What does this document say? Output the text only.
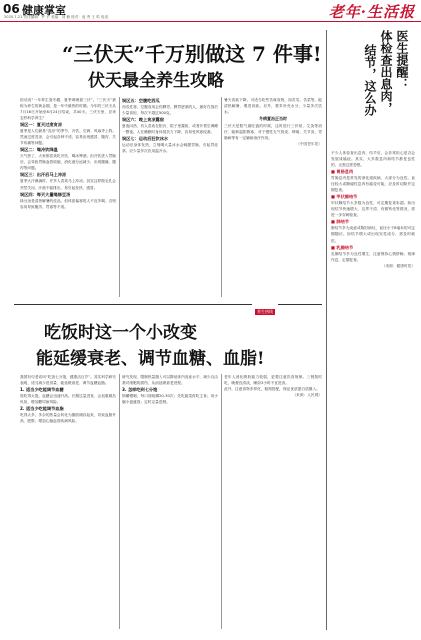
06 健康掌室
2020.7.21 责任编辑：罗 平 美编：刘 楠 校对：庞 秀 王 鸣 电话：	老年·生活报
“三伏天”千万别做这 7 件事!
伏天最全养生攻略
俗话说“一年养生靠冬藏，夏季调理靠三伏”。“三伏天”被称为养生的黄金期，是一年中最热的时期。今年的三伏天从7月16日开始至8月24日结束，共40天。三伏天里，应该怎样科学养生？
误区一：夏天过度贪凉
夏季是人们最易“贪凉”的季节，冷饮、空调、风扇齐上阵。然而过度贪凉，会引起各种不适，容易出现感冒、腹泻、关节疼痛等问题。
误区二：喝冷饮降温
天气热了，大家都喜欢吃冷饮、喝冰啤酒。但冷饮进入胃肠后，会导致胃肠血管收缩，消化液分泌减少，出现腹痛、腹泻等问题。
误区三：出汗后马上冲凉
夏季大汗淋漓时，许多人喜欢马上冲凉。其实这样做毛孔会突然关闭，汗液不能排出，易引起发热、感冒。
误区四：每天大量喝绿豆汤
绿豆汤是清热解暑的佳品，但体质偏寒的人不宜多喝，否则容易导致腹泻、胃寒等不适。
误区五：空腹吃西瓜
西瓜性寒，空腹食用会伤脾胃。脾胃虚寒的人，最好在饭后少量食用，每次不超过500克。
误区六：晚上贪凉露宿
夏夜闷热，有人喜欢在阳台、院子里露宿，或者开着空调睡一整夜。人在睡眠时身体抵抗力下降，容易受风寒侵袭。
误区七：运动后狂饮冰水
运动后身体发热，立刻喝大量冰水会刺激胃肠，引起胃痉挛。应少量多次饮用温开水。
暑天食欲下降，可适当吃些苦味食物，如苦瓜、苦菜等，能清热解暑、增进食欲。另外，要多补充水分，少量多次饮水。
冬病夏治正当时
三伏天是阳气最旺盛的时候，这时进行三伏贴、艾灸等治疗，能够温阳散寒，对于慢性支气管炎、哮喘、关节炎、胃肠病等有一定辅助治疗作用。
（中国老年报）
医生提醒：
体检查出息肉，
结节，这么办
不少人体检查出息肉、结节后，会非常担心是否会发展成癌症。其实，大多数息肉和结节都是良性的，无需过度恐慌。
■ 胃肠息肉
胃肠息肉是常见的消化道疾病，大部分为良性。直径较大或腺瘤性息肉有癌变可能，应及时切除并定期复查。
■ 甲状腺结节
甲状腺结节大多数为良性，可定期复查彩超。如出现结节快速增大、边界不清、有微钙化等情况，需进一步穿刺检查。
■ 肺结节
肺结节多为炎症或陈旧病灶，直径小于8毫米的可定期随访。如结节增大或出现实性成分，需及时就医。
■ 乳腺结节
乳腺结节多为良性增生，注意保持心情舒畅、规律作息，定期复查。
（来源：健康时报）
养生热线
吃饭时这一个小改变
能延缓衰老、调节血糖、血脂!
我国有句老话叫“吃饭七分饱，健康活百岁”。其实科学研究表明，适当减少进食量，能延缓衰老、调节血糖血脂。
1. 适当少吃能调节血糖
饭吃得太饱，血糖会迅速升高。长期过量进食，会加重胰岛负担，增加糖尿病风险。
2. 适当少吃能调节血脂
吃得太多，多余的热量会转化为脂肪储存起来，导致血脂升高、肥胖，增加心脑血管疾病风险。
研究发现，限制热量摄入可以降低体内炎症水平，减少自由基对细胞的损伤，从而延缓衰老进程。
3. 怎样吃到七分饱
细嚼慢咽，每口饭咀嚼20-30次；先吃蔬菜再吃主食；用小碗小盘盛饭；定时定量进餐。
老年人消化吸收能力较弱，更要注意饮食规律。三餐按时吃，晚餐宜清淡，睡前3小时不宜进食。
此外，注意食物多样化，粗细搭配，保证优质蛋白质摄入。
（来源：人民网）
